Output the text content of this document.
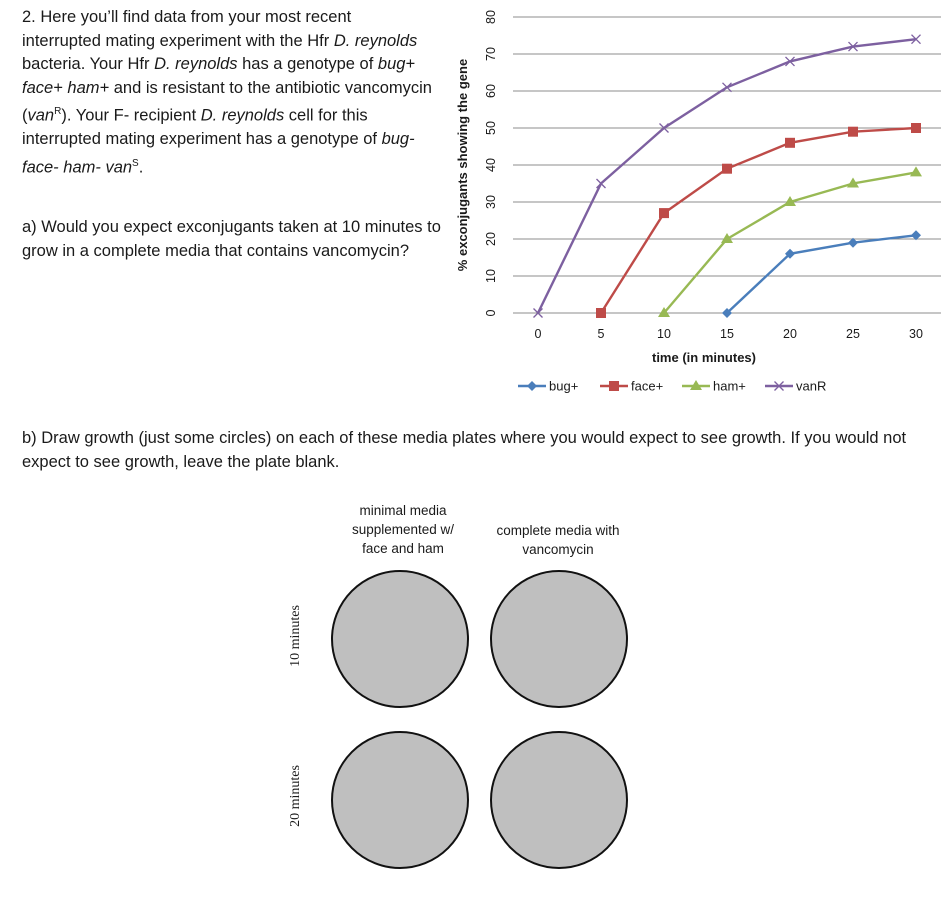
2. Here you’ll find data from your most recent interrupted mating experiment with the Hfr D. reynolds bacteria. Your Hfr D. reynolds has a genotype of bug+ face+ ham+ and is resistant to the antibiotic vancomycin (van$^R$). Your F- recipient D. reynolds cell for this interrupted mating experiment has a genotype of bug- face- ham- van$^S$.

a) Would you expect exconjugants taken at 10 minutes to grow in a complete media that contains vancomycin?	% exconjugants showing the gene
time (in minutes)
0
10
20
30
40
50
60
70
80
0	5	10	15	20	25	30
bug+	face+	ham+	vanR
b) Draw growth (just some circles) on each of these media plates where you would expect to see growth. If you would not expect to see growth, leave the plate blank.
minimal media
supplemented w/
face and ham
complete media with
vancomycin
10 minutes
20 minutes
